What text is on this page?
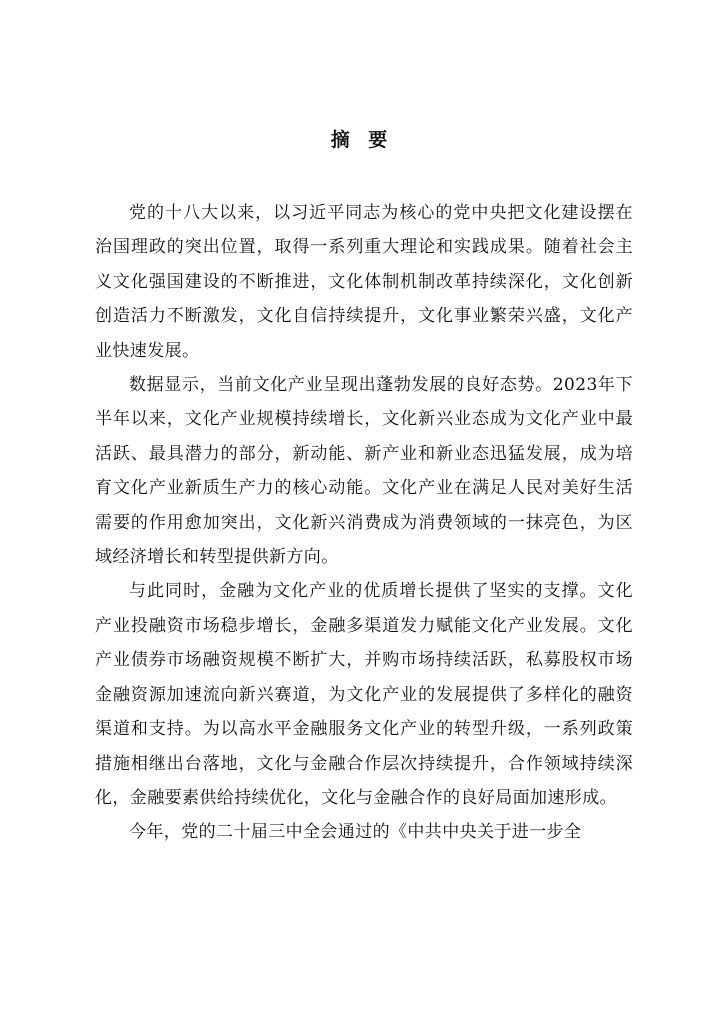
摘 要

党的十八大以来，以习近平同志为核心的党中央把文化建设摆在治国理政的突出位置，取得一系列重大理论和实践成果。随着社会主义文化强国建设的不断推进，文化体制机制改革持续深化，文化创新创造活力不断激发，文化自信持续提升，文化事业繁荣兴盛，文化产业快速发展。

数据显示，当前文化产业呈现出蓬勃发展的良好态势。2023年下半年以来，文化产业规模持续增长，文化新兴业态成为文化产业中最活跃、最具潜力的部分，新动能、新产业和新业态迅猛发展，成为培育文化产业新质生产力的核心动能。文化产业在满足人民对美好生活需要的作用愈加突出，文化新兴消费成为消费领域的一抹亮色，为区域经济增长和转型提供新方向。

与此同时，金融为文化产业的优质增长提供了坚实的支撑。文化产业投融资市场稳步增长，金融多渠道发力赋能文化产业发展。文化产业债券市场融资规模不断扩大，并购市场持续活跃，私募股权市场金融资源加速流向新兴赛道，为文化产业的发展提供了多样化的融资渠道和支持。为以高水平金融服务文化产业的转型升级，一系列政策措施相继出台落地，文化与金融合作层次持续提升，合作领域持续深化，金融要素供给持续优化，文化与金融合作的良好局面加速形成。

今年，党的二十届三中全会通过的《中共中央关于进一步全
